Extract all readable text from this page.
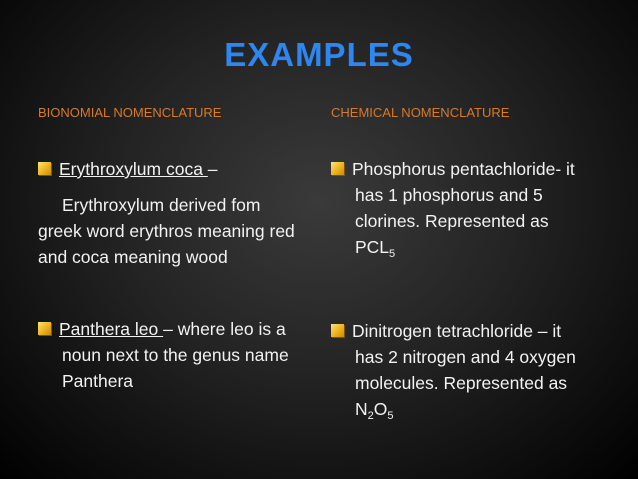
EXAMPLES
BIONOMIAL NOMENCLATURE	CHEMICAL NOMENCLATURE
Erythroxylum coca –
Erythroxylum derived fom
greek word erythros meaning red
and coca meaning wood
Panthera leo – where leo is a
noun next to the genus name
Panthera
Phosphorus pentachloride- it
has 1 phosphorus and 5
clorines. Represented as
$PCL_5$
Dinitrogen tetrachloride – it
has 2 nitrogen and 4 oxygen
molecules. Represented as
$N_2O_5$
